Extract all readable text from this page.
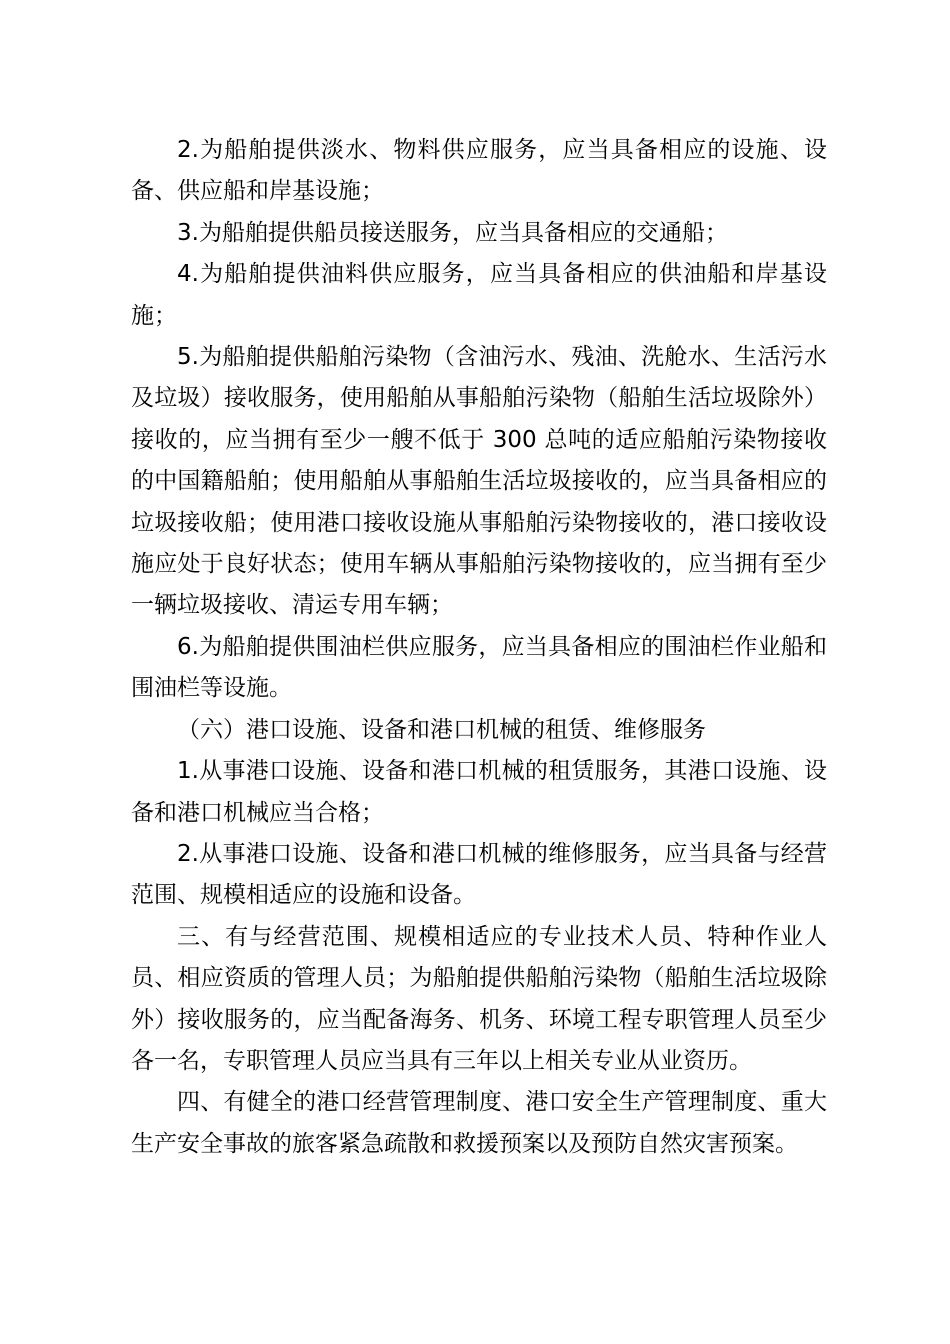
2.为船舶提供淡水、物料供应服务，应当具备相应的设施、设备、供应船和岸基设施；

3.为船舶提供船员接送服务，应当具备相应的交通船；

4.为船舶提供油料供应服务，应当具备相应的供油船和岸基设施；

5.为船舶提供船舶污染物（含油污水、残油、洗舱水、生活污水及垃圾）接收服务，使用船舶从事船舶污染物（船舶生活垃圾除外）接收的，应当拥有至少一艘不低于 300 总吨的适应船舶污染物接收的中国籍船舶；使用船舶从事船舶生活垃圾接收的，应当具备相应的垃圾接收船；使用港口接收设施从事船舶污染物接收的，港口接收设施应处于良好状态；使用车辆从事船舶污染物接收的，应当拥有至少一辆垃圾接收、清运专用车辆；

6.为船舶提供围油栏供应服务，应当具备相应的围油栏作业船和围油栏等设施。

（六）港口设施、设备和港口机械的租赁、维修服务

1.从事港口设施、设备和港口机械的租赁服务，其港口设施、设备和港口机械应当合格；

2.从事港口设施、设备和港口机械的维修服务，应当具备与经营范围、规模相适应的设施和设备。

三、有与经营范围、规模相适应的专业技术人员、特种作业人员、相应资质的管理人员；为船舶提供船舶污染物（船舶生活垃圾除外）接收服务的，应当配备海务、机务、环境工程专职管理人员至少各一名，专职管理人员应当具有三年以上相关专业从业资历。

四、有健全的港口经营管理制度、港口安全生产管理制度、重大生产安全事故的旅客紧急疏散和救援预案以及预防自然灾害预案。
